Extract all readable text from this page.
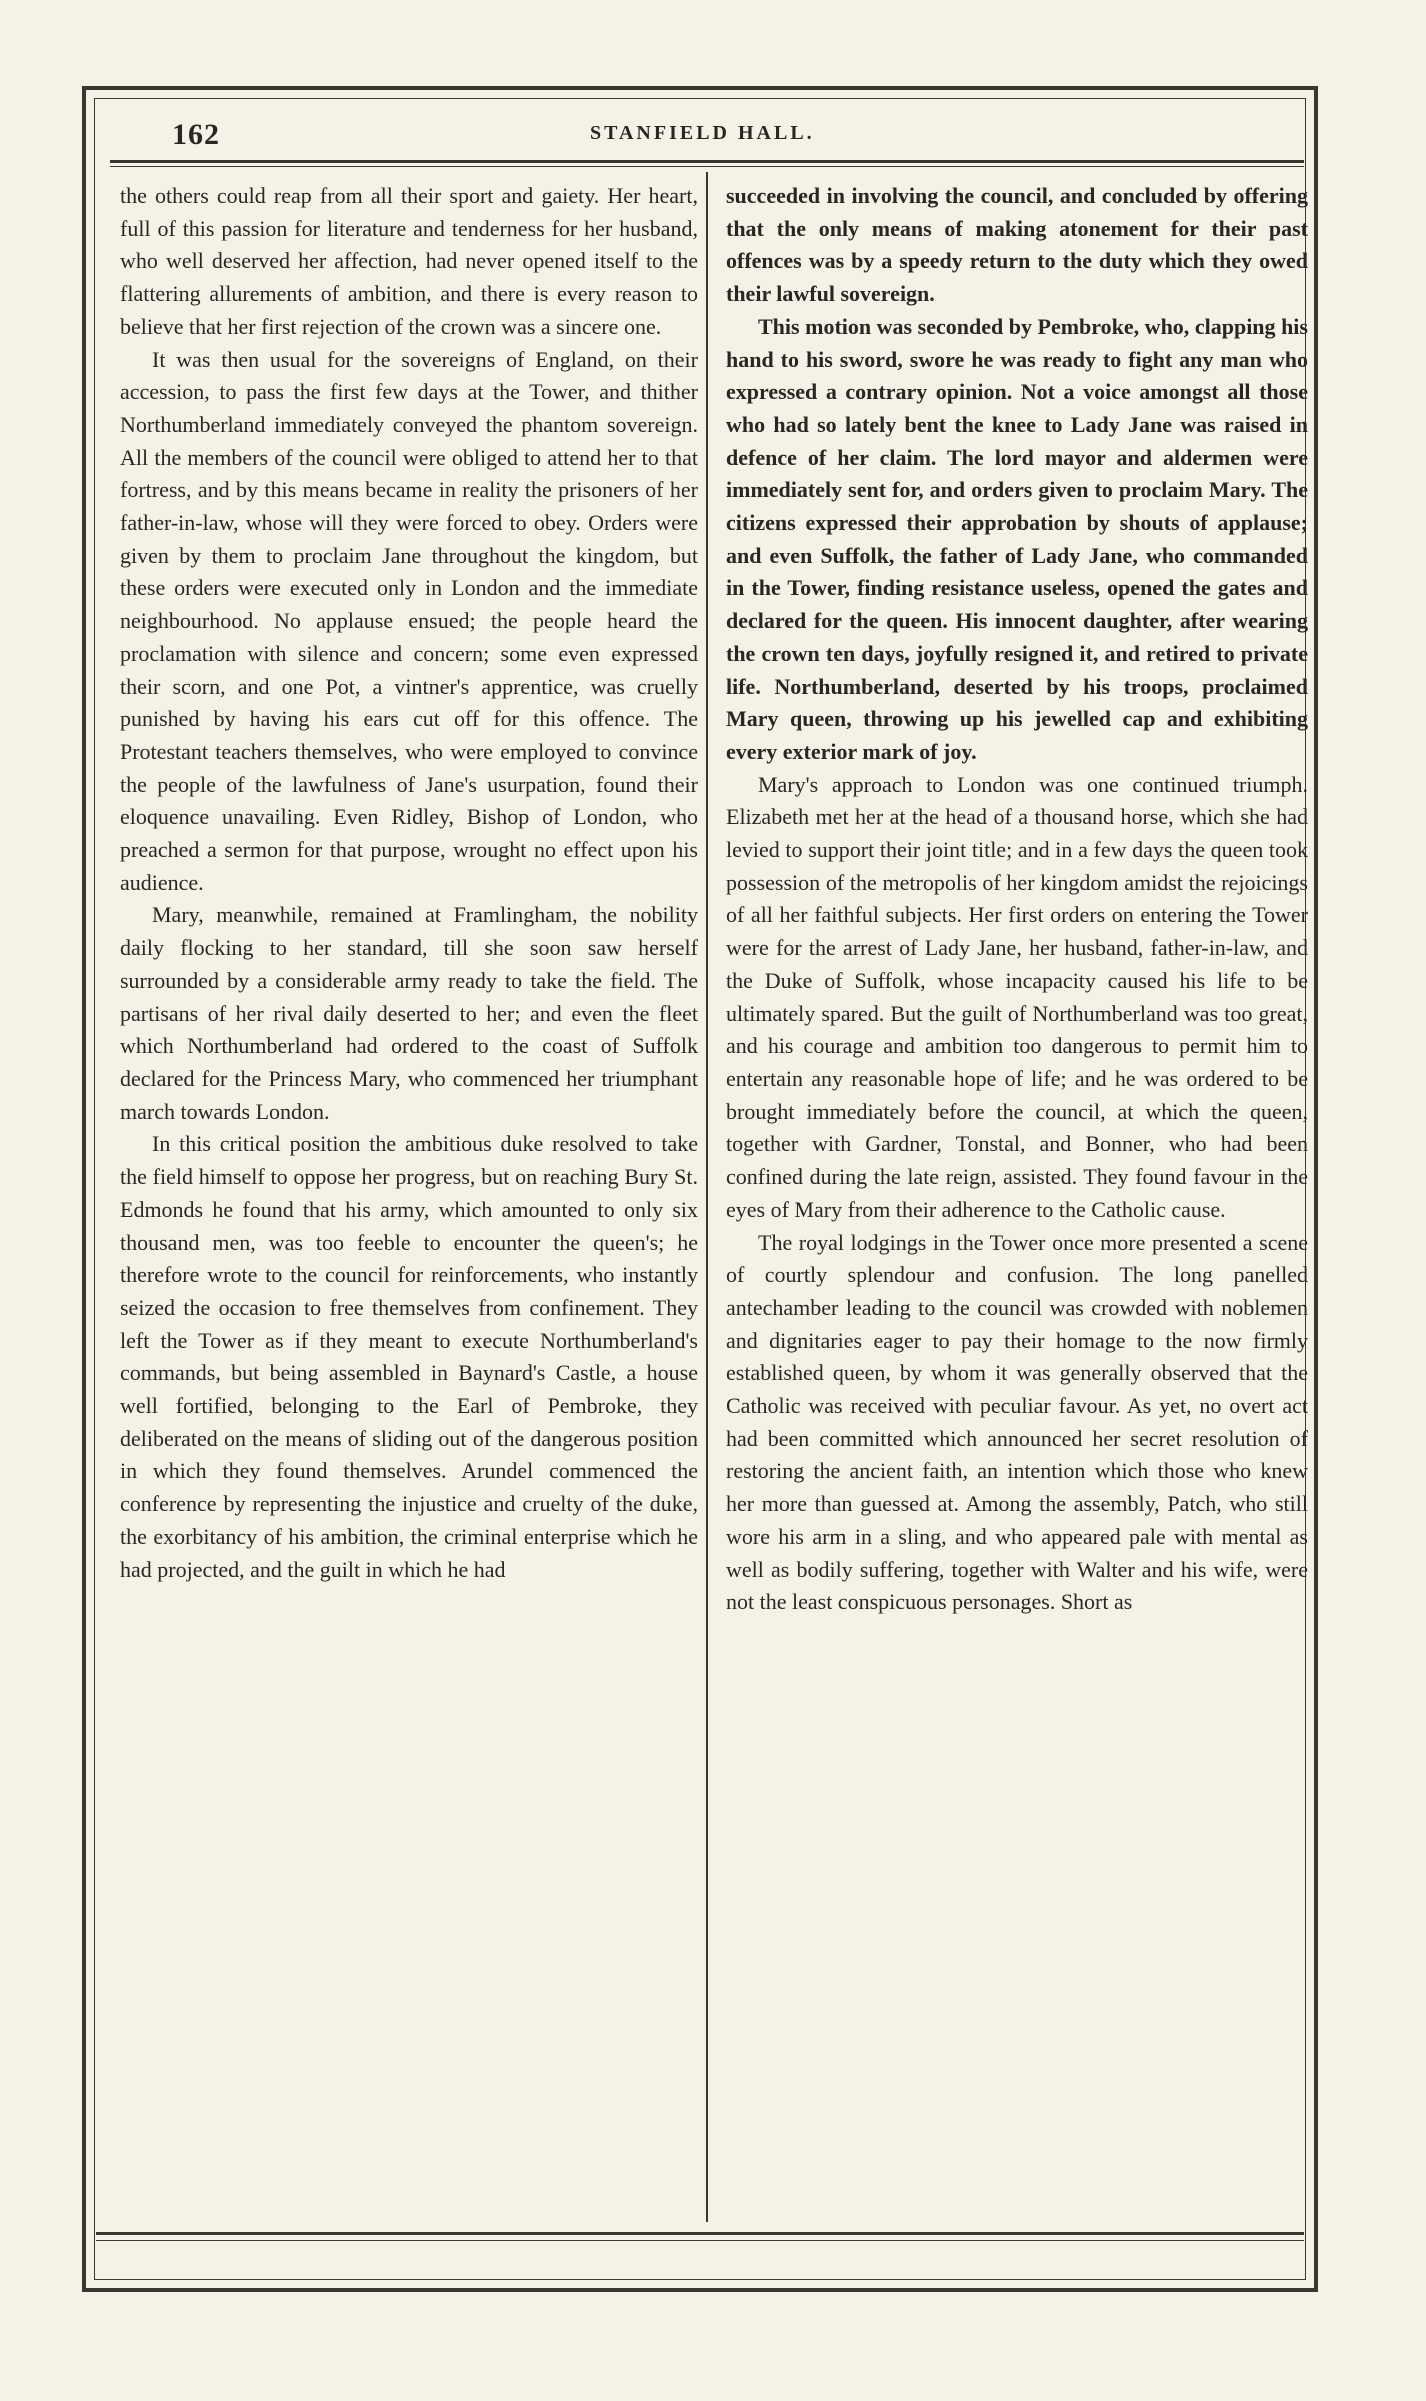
162	STANFIELD HALL.

the others could reap from all their sport and gaiety. Her heart, full of this passion for literature and tenderness for her husband, who well deserved her affection, had never opened itself to the flattering allurements of ambition, and there is every reason to believe that her first rejection of the crown was a sincere one.

It was then usual for the sovereigns of England, on their accession, to pass the first few days at the Tower, and thither Northumberland immediately conveyed the phantom sovereign. All the members of the council were obliged to attend her to that fortress, and by this means became in reality the prisoners of her father-in-law, whose will they were forced to obey. Orders were given by them to proclaim Jane throughout the kingdom, but these orders were executed only in London and the immediate neighbourhood. No applause ensued; the people heard the proclamation with silence and concern; some even expressed their scorn, and one Pot, a vintner's apprentice, was cruelly punished by having his ears cut off for this offence. The Protestant teachers themselves, who were employed to convince the people of the lawfulness of Jane's usurpation, found their eloquence unavailing. Even Ridley, Bishop of London, who preached a sermon for that purpose, wrought no effect upon his audience.

Mary, meanwhile, remained at Framlingham, the nobility daily flocking to her standard, till she soon saw herself surrounded by a considerable army ready to take the field. The partisans of her rival daily deserted to her; and even the fleet which Northumberland had ordered to the coast of Suffolk declared for the Princess Mary, who commenced her triumphant march towards London.

In this critical position the ambitious duke resolved to take the field himself to oppose her progress, but on reaching Bury St. Edmonds he found that his army, which amounted to only six thousand men, was too feeble to encounter the queen's; he therefore wrote to the council for reinforcements, who instantly seized the occasion to free themselves from confinement. They left the Tower as if they meant to execute Northumberland's commands, but being assembled in Baynard's Castle, a house well fortified, belonging to the Earl of Pembroke, they deliberated on the means of sliding out of the dangerous position in which they found themselves. Arundel commenced the conference by representing the injustice and cruelty of the duke, the exorbitancy of his ambition, the criminal enterprise which he had projected, and the guilt in which he had

succeeded in involving the council, and concluded by offering that the only means of making atonement for their past offences was by a speedy return to the duty which they owed their lawful sovereign.

This motion was seconded by Pembroke, who, clapping his hand to his sword, swore he was ready to fight any man who expressed a contrary opinion. Not a voice amongst all those who had so lately bent the knee to Lady Jane was raised in defence of her claim. The lord mayor and aldermen were immediately sent for, and orders given to proclaim Mary. The citizens expressed their approbation by shouts of applause; and even Suffolk, the father of Lady Jane, who commanded in the Tower, finding resistance useless, opened the gates and declared for the queen. His innocent daughter, after wearing the crown ten days, joyfully resigned it, and retired to private life. Northumberland, deserted by his troops, proclaimed Mary queen, throwing up his jewelled cap and exhibiting every exterior mark of joy.

Mary's approach to London was one continued triumph. Elizabeth met her at the head of a thousand horse, which she had levied to support their joint title; and in a few days the queen took possession of the metropolis of her kingdom amidst the rejoicings of all her faithful subjects. Her first orders on entering the Tower were for the arrest of Lady Jane, her husband, father-in-law, and the Duke of Suffolk, whose incapacity caused his life to be ultimately spared. But the guilt of Northumberland was too great, and his courage and ambition too dangerous to permit him to entertain any reasonable hope of life; and he was ordered to be brought immediately before the council, at which the queen, together with Gardner, Tonstal, and Bonner, who had been confined during the late reign, assisted. They found favour in the eyes of Mary from their adherence to the Catholic cause.

The royal lodgings in the Tower once more presented a scene of courtly splendour and confusion. The long panelled antechamber leading to the council was crowded with noblemen and dignitaries eager to pay their homage to the now firmly established queen, by whom it was generally observed that the Catholic was received with peculiar favour. As yet, no overt act had been committed which announced her secret resolution of restoring the ancient faith, an intention which those who knew her more than guessed at. Among the assembly, Patch, who still wore his arm in a sling, and who appeared pale with mental as well as bodily suffering, together with Walter and his wife, were not the least conspicuous personages. Short as
